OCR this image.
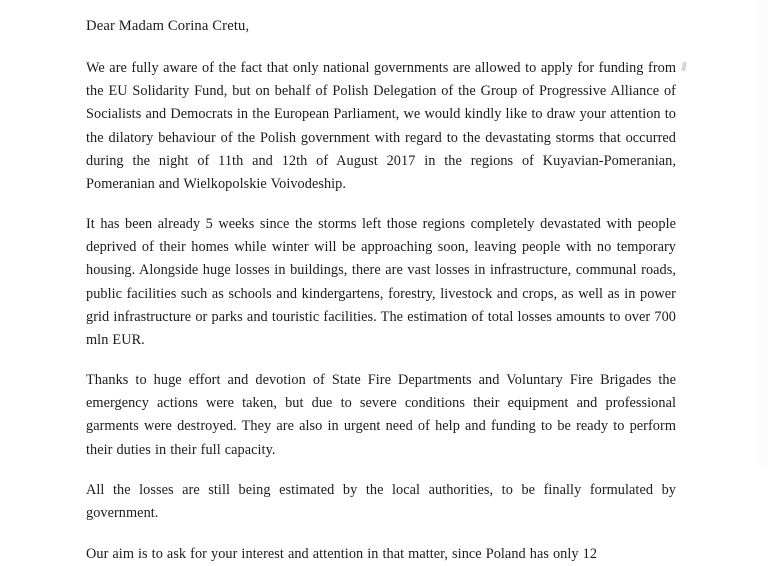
Dear Madam Corina Cretu,

We are fully aware of the fact that only national governments are allowed to apply for funding from the EU Solidarity Fund, but on behalf of Polish Delegation of the Group of Progressive Alliance of Socialists and Democrats in the European Parliament, we would kindly like to draw your attention to the dilatory behaviour of the Polish government with regard to the devastating storms that occurred during the night of 11th and 12th of August 2017 in the regions of Kuyavian-Pomeranian, Pomeranian and Wielkopolskie Voivodeship.

It has been already 5 weeks since the storms left those regions completely devastated with people deprived of their homes while winter will be approaching soon, leaving people with no temporary housing. Alongside huge losses in buildings, there are vast losses in infrastructure, communal roads, public facilities such as schools and kindergartens, forestry, livestock and crops, as well as in power grid infrastructure or parks and touristic facilities. The estimation of total losses amounts to over 700 mln EUR.

Thanks to huge effort and devotion of State Fire Departments and Voluntary Fire Brigades the emergency actions were taken, but due to severe conditions their equipment and professional garments were destroyed. They are also in urgent need of help and funding to be ready to perform their duties in their full capacity.

All the losses are still being estimated by the local authorities, to be finally formulated by government.

Our aim is to ask for your interest and attention in that matter, since Poland has only 12
